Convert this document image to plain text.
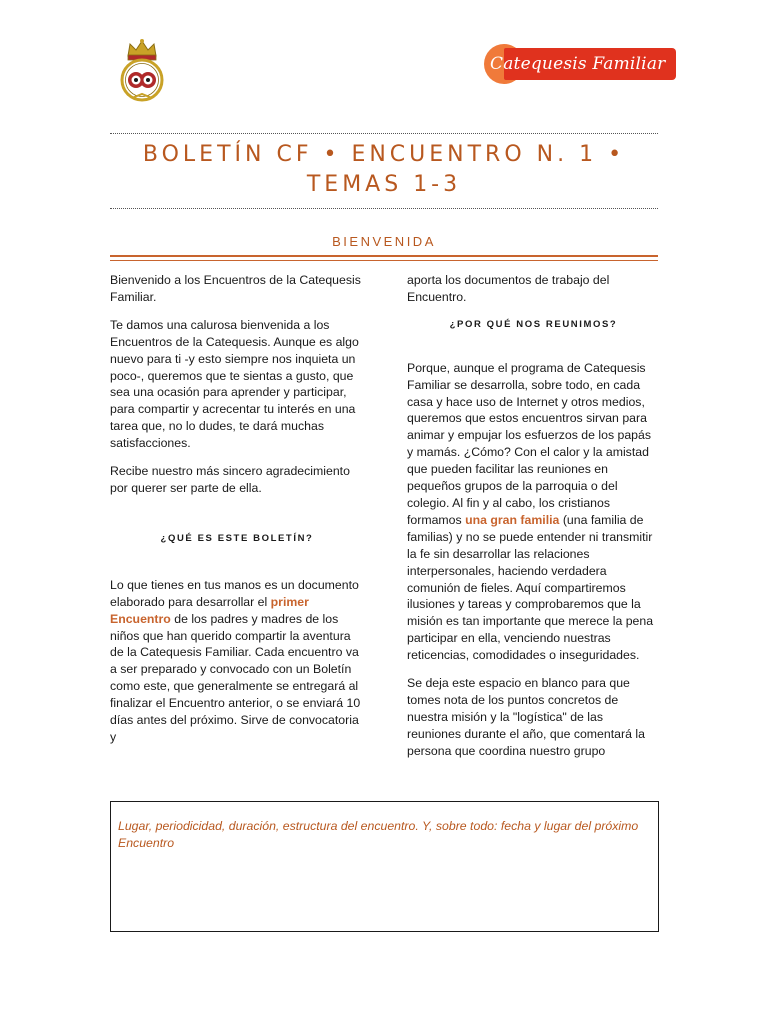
Catequesis Familiar
BOLETÍN CF • ENCUENTRO N. 1 •
TEMAS 1-3
BIENVENIDA

Bienvenido a los Encuentros de la Catequesis Familiar.

Te damos una calurosa bienvenida a los Encuentros de la Catequesis. Aunque es algo nuevo para ti -y esto siempre nos inquieta un poco-, queremos que te sientas a gusto, que sea una ocasión para aprender y participar, para compartir y acrecentar tu interés en una tarea que, no lo dudes, te dará muchas satisfacciones.

Recibe nuestro más sincero agradecimiento por querer ser parte de ella.

¿QUÉ ES ESTE BOLETÍN?

Lo que tienes en tus manos es un documento elaborado para desarrollar el primer Encuentro de los padres y madres de los niños que han querido compartir la aventura de la Catequesis Familiar. Cada encuentro va a ser preparado y convocado con un Boletín como este, que generalmente se entregará al finalizar el Encuentro anterior, o se enviará 10 días antes del próximo. Sirve de convocatoria y

aporta los documentos de trabajo del Encuentro.

¿POR QUÉ NOS REUNIMOS?

Porque, aunque el programa de Catequesis Familiar se desarrolla, sobre todo, en cada casa y hace uso de Internet y otros medios, queremos que estos encuentros sirvan para animar y empujar los esfuerzos de los papás y mamás. ¿Cómo? Con el calor y la amistad que pueden facilitar las reuniones en pequeños grupos de la parroquia o del colegio. Al fin y al cabo, los cristianos formamos una gran familia (una familia de familias) y no se puede entender ni transmitir la fe sin desarrollar las relaciones interpersonales, haciendo verdadera comunión de fieles. Aquí compartiremos ilusiones y tareas y comprobaremos que la misión es tan importante que merece la pena participar en ella, venciendo nuestras reticencias, comodidades o inseguridades.

Se deja este espacio en blanco para que tomes nota de los puntos concretos de nuestra misión y la "logística" de las reuniones durante el año, que comentará la persona que coordina nuestro grupo

Lugar, periodicidad, duración, estructura del encuentro. Y, sobre todo: fecha y lugar del próximo Encuentro
